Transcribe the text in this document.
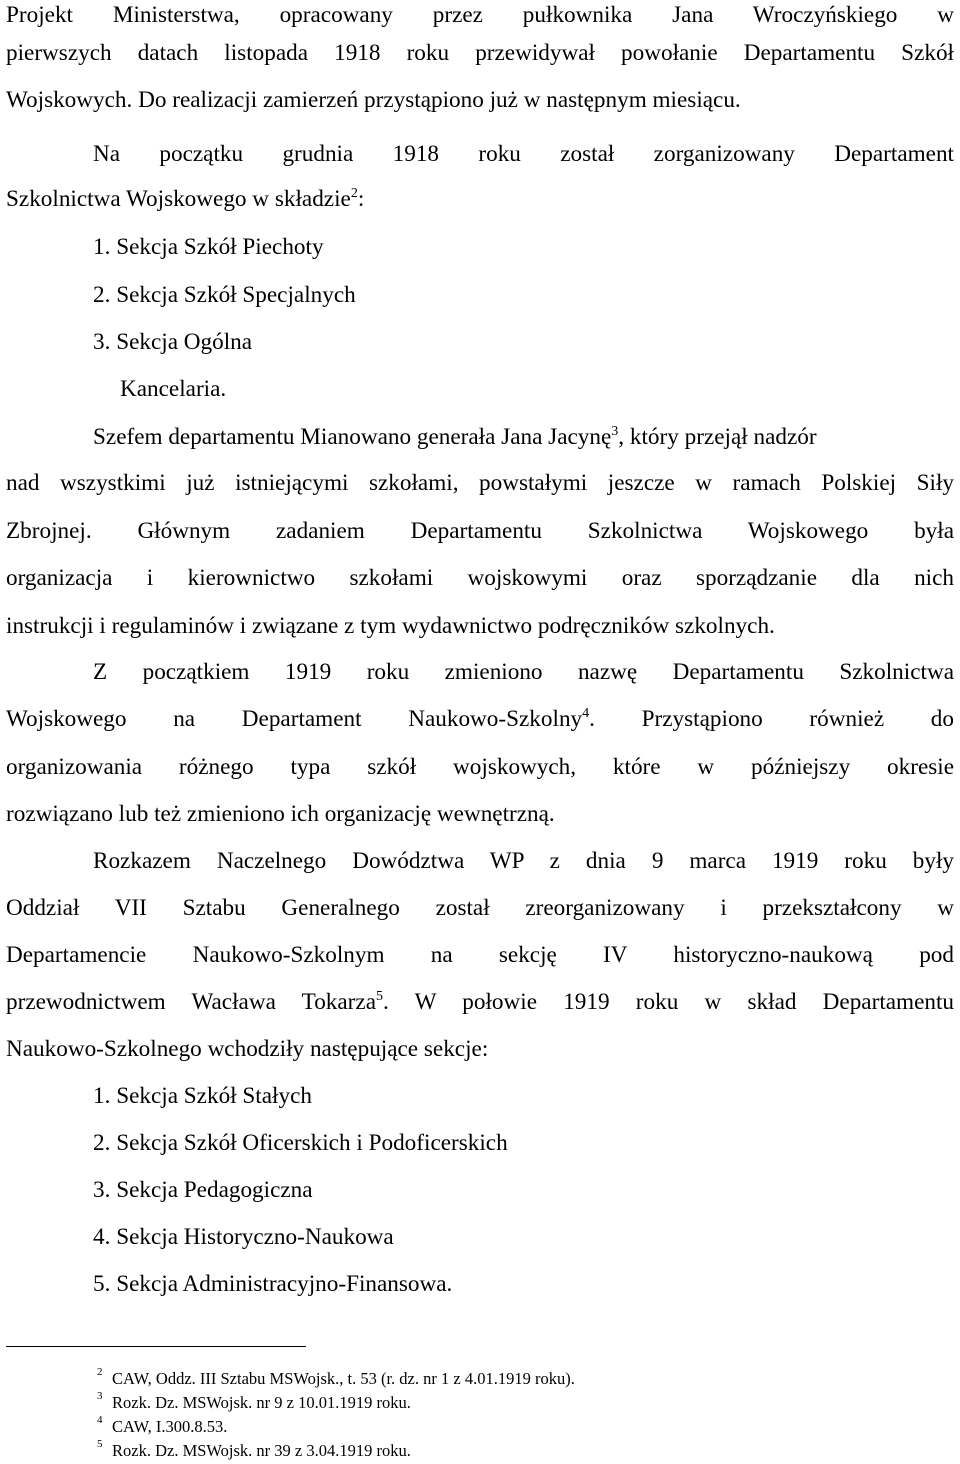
Projekt Ministerstwa, opracowany przez pułkownika Jana Wroczyńskiego w
pierwszych datach listopada 1918 roku przewidywał powołanie Departamentu Szkół
Wojskowych. Do realizacji zamierzeń przystąpiono już w następnym miesiącu.
Na początku grudnia 1918 roku został zorganizowany Departament
Szkolnictwa Wojskowego w składzie$^2$:
1. Sekcja Szkół Piechoty
2. Sekcja Szkół Specjalnych
3. Sekcja Ogólna
Kancelaria.
Szefem departamentu Mianowano generała Jana Jacynę$^3$, który przejął nadzór
nad wszystkimi już istniejącymi szkołami, powstałymi jeszcze w ramach Polskiej Siły
Zbrojnej. Głównym zadaniem Departamentu Szkolnictwa Wojskowego była
organizacja i kierownictwo szkołami wojskowymi oraz sporządzanie dla nich
instrukcji i regulaminów i związane z tym wydawnictwo podręczników szkolnych.
Z początkiem 1919 roku zmieniono nazwę Departamentu Szkolnictwa
Wojskowego na Departament Naukowo-Szkolny$^4$. Przystąpiono również do
organizowania różnego typa szkół wojskowych, które w późniejszy okresie
rozwiązano lub też zmieniono ich organizację wewnętrzną.
Rozkazem Naczelnego Dowództwa WP z dnia 9 marca 1919 roku były
Oddział VII Sztabu Generalnego został zreorganizowany i przekształcony w
Departamencie Naukowo-Szkolnym na sekcję IV historyczno-naukową pod
przewodnictwem Wacława Tokarza$^5$. W połowie 1919 roku w skład Departamentu
Naukowo-Szkolnego wchodziły następujące sekcje:
1. Sekcja Szkół Stałych
2. Sekcja Szkół Oficerskich i Podoficerskich
3. Sekcja Pedagogiczna
4. Sekcja Historyczno-Naukowa
5. Sekcja Administracyjno-Finansowa.
2 CAW, Oddz. III Sztabu MSWojsk., t. 53 (r. dz. nr 1 z 4.01.1919 roku).
3 Rozk. Dz. MSWojsk. nr 9 z 10.01.1919 roku.
4 CAW, I.300.8.53.
5 Rozk. Dz. MSWojsk. nr 39 z 3.04.1919 roku.
